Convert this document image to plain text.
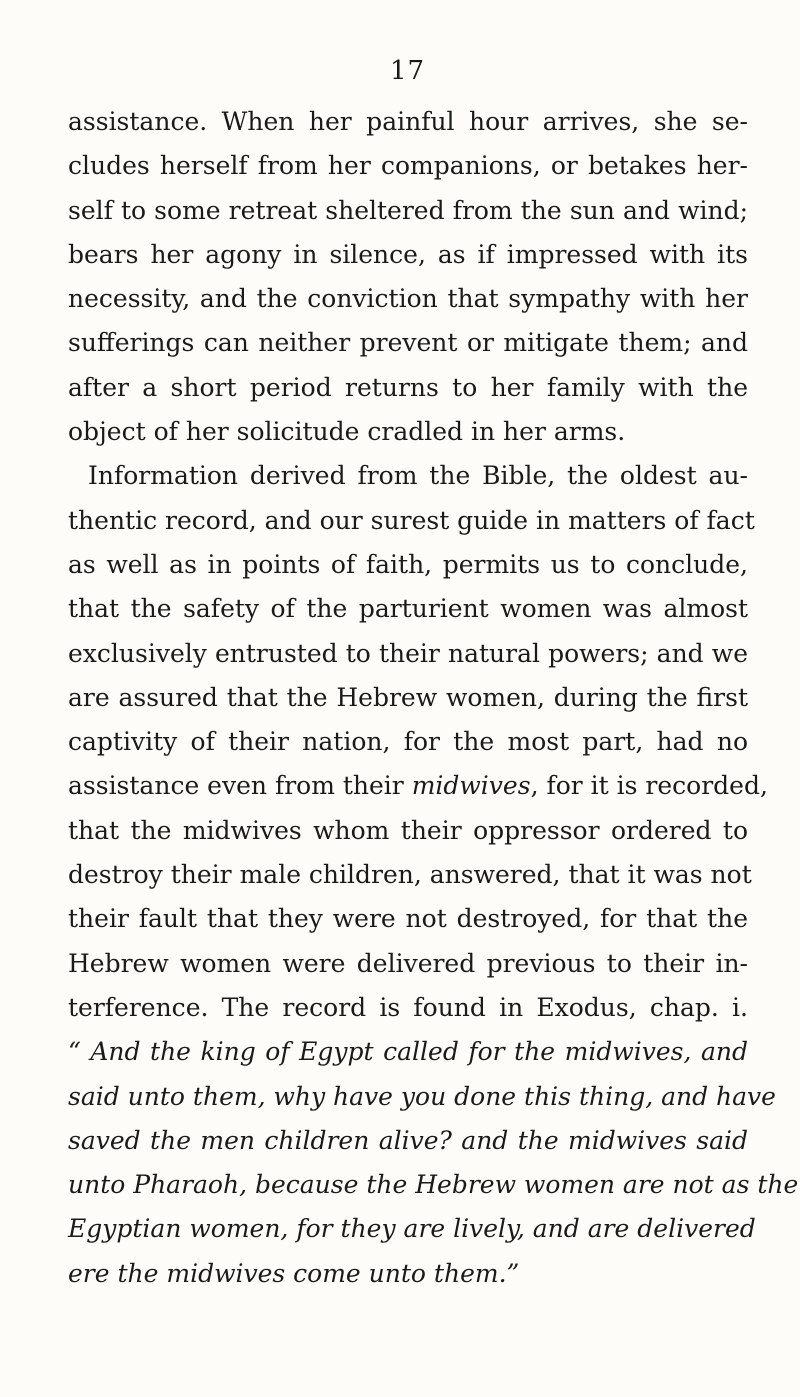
17
assistance. When her painful hour arrives, she se-
cludes herself from her companions, or betakes her-
self to some retreat sheltered from the sun and wind;
bears her agony in silence, as if impressed with its
necessity, and the conviction that sympathy with her
sufferings can neither prevent or mitigate them; and
after a short period returns to her family with the
object of her solicitude cradled in her arms.
Information derived from the Bible, the oldest au-
thentic record, and our surest guide in matters of fact
as well as in points of faith, permits us to conclude,
that the safety of the parturient women was almost
exclusively entrusted to their natural powers; and we
are assured that the Hebrew women, during the first
captivity of their nation, for the most part, had no
assistance even from their midwives, for it is recorded,
that the midwives whom their oppressor ordered to
destroy their male children, answered, that it was not
their fault that they were not destroyed, for that the
Hebrew women were delivered previous to their in-
terference. The record is found in Exodus, chap. i.
“ And the king of Egypt called for the midwives, and
said unto them, why have you done this thing, and have
saved the men children alive? and the midwives said
unto Pharaoh, because the Hebrew women are not as the
Egyptian women, for they are lively, and are delivered
ere the midwives come unto them.”
